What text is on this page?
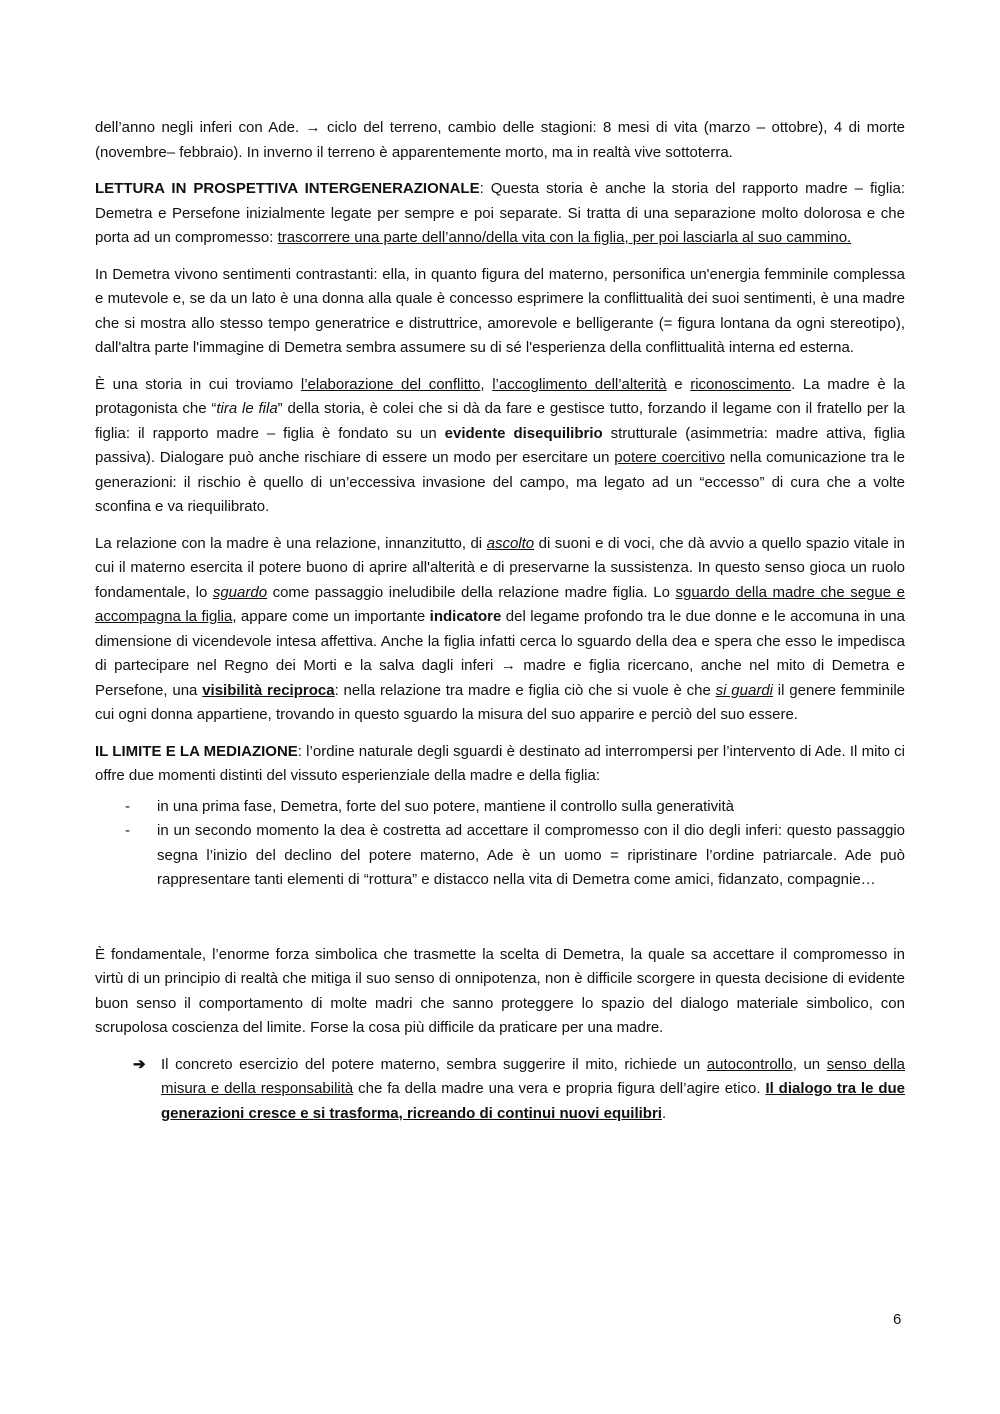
dell’anno negli inferi con Ade. → ciclo del terreno, cambio delle stagioni: 8 mesi di vita (marzo – ottobre), 4 di morte (novembre– febbraio). In inverno il terreno è apparentemente morto, ma in realtà vive sottoterra.

LETTURA IN PROSPETTIVA INTERGENERAZIONALE: Questa storia è anche la storia del rapporto madre – figlia: Demetra e Persefone inizialmente legate per sempre e poi separate. Si tratta di una separazione molto dolorosa e che porta ad un compromesso: trascorrere una parte dell’anno/della vita con la figlia, per poi lasciarla al suo cammino.

In Demetra vivono sentimenti contrastanti: ella, in quanto figura del materno, personifica un'energia femminile complessa e mutevole e, se da un lato è una donna alla quale è concesso esprimere la conflittualità dei suoi sentimenti, è una madre che si mostra allo stesso tempo generatrice e distruttrice, amorevole e belligerante (= figura lontana da ogni stereotipo), dall'altra parte l'immagine di Demetra sembra assumere su di sé l'esperienza della conflittualità interna ed esterna.

È una storia in cui troviamo l’elaborazione del conflitto, l’accoglimento dell’alterità e riconoscimento. La madre è la protagonista che “tira le fila” della storia, è colei che si dà da fare e gestisce tutto, forzando il legame con il fratello per la figlia: il rapporto madre – figlia è fondato su un evidente disequilibrio strutturale (asimmetria: madre attiva, figlia passiva). Dialogare può anche rischiare di essere un modo per esercitare un potere coercitivo nella comunicazione tra le generazioni: il rischio è quello di un’eccessiva invasione del campo, ma legato ad un “eccesso” di cura che a volte sconfina e va riequilibrato.

La relazione con la madre è una relazione, innanzitutto, di ascolto di suoni e di voci, che dà avvio a quello spazio vitale in cui il materno esercita il potere buono di aprire all'alterità e di preservarne la sussistenza. In questo senso gioca un ruolo fondamentale, lo sguardo come passaggio ineludibile della relazione madre figlia. Lo sguardo della madre che segue e accompagna la figlia, appare come un importante indicatore del legame profondo tra le due donne e le accomuna in una dimensione di vicendevole intesa affettiva. Anche la figlia infatti cerca lo sguardo della dea e spera che esso le impedisca di partecipare nel Regno dei Morti e la salva dagli inferi → madre e figlia ricercano, anche nel mito di Demetra e Persefone, una visibilità reciproca: nella relazione tra madre e figlia ciò che si vuole è che si guardi il genere femminile cui ogni donna appartiene, trovando in questo sguardo la misura del suo apparire e perciò del suo essere.

IL LIMITE E LA MEDIAZIONE: l’ordine naturale degli sguardi è destinato ad interrompersi per l’intervento di Ade. Il mito ci offre due momenti distinti del vissuto esperienziale della madre e della figlia:

- in una prima fase, Demetra, forte del suo potere, mantiene il controllo sulla generatività
- in un secondo momento la dea è costretta ad accettare il compromesso con il dio degli inferi: questo passaggio segna l’inizio del declino del potere materno, Ade è un uomo = ripristinare l’ordine patriarcale. Ade può rappresentare tanti elementi di “rottura” e distacco nella vita di Demetra come amici, fidanzato, compagnie…

È fondamentale, l’enorme forza simbolica che trasmette la scelta di Demetra, la quale sa accettare il compromesso in virtù di un principio di realtà che mitiga il suo senso di onnipotenza, non è difficile scorgere in questa decisione di evidente buon senso il comportamento di molte madri che sanno proteggere lo spazio del dialogo materiale simbolico, con scrupolosa coscienza del limite. Forse la cosa più difficile da praticare per una madre.

➔ Il concreto esercizio del potere materno, sembra suggerire il mito, richiede un autocontrollo, un senso della misura e della responsabilità che fa della madre una vera e propria figura dell’agire etico. Il dialogo tra le due generazioni cresce e si trasforma, ricreando di continui nuovi equilibri.
6
